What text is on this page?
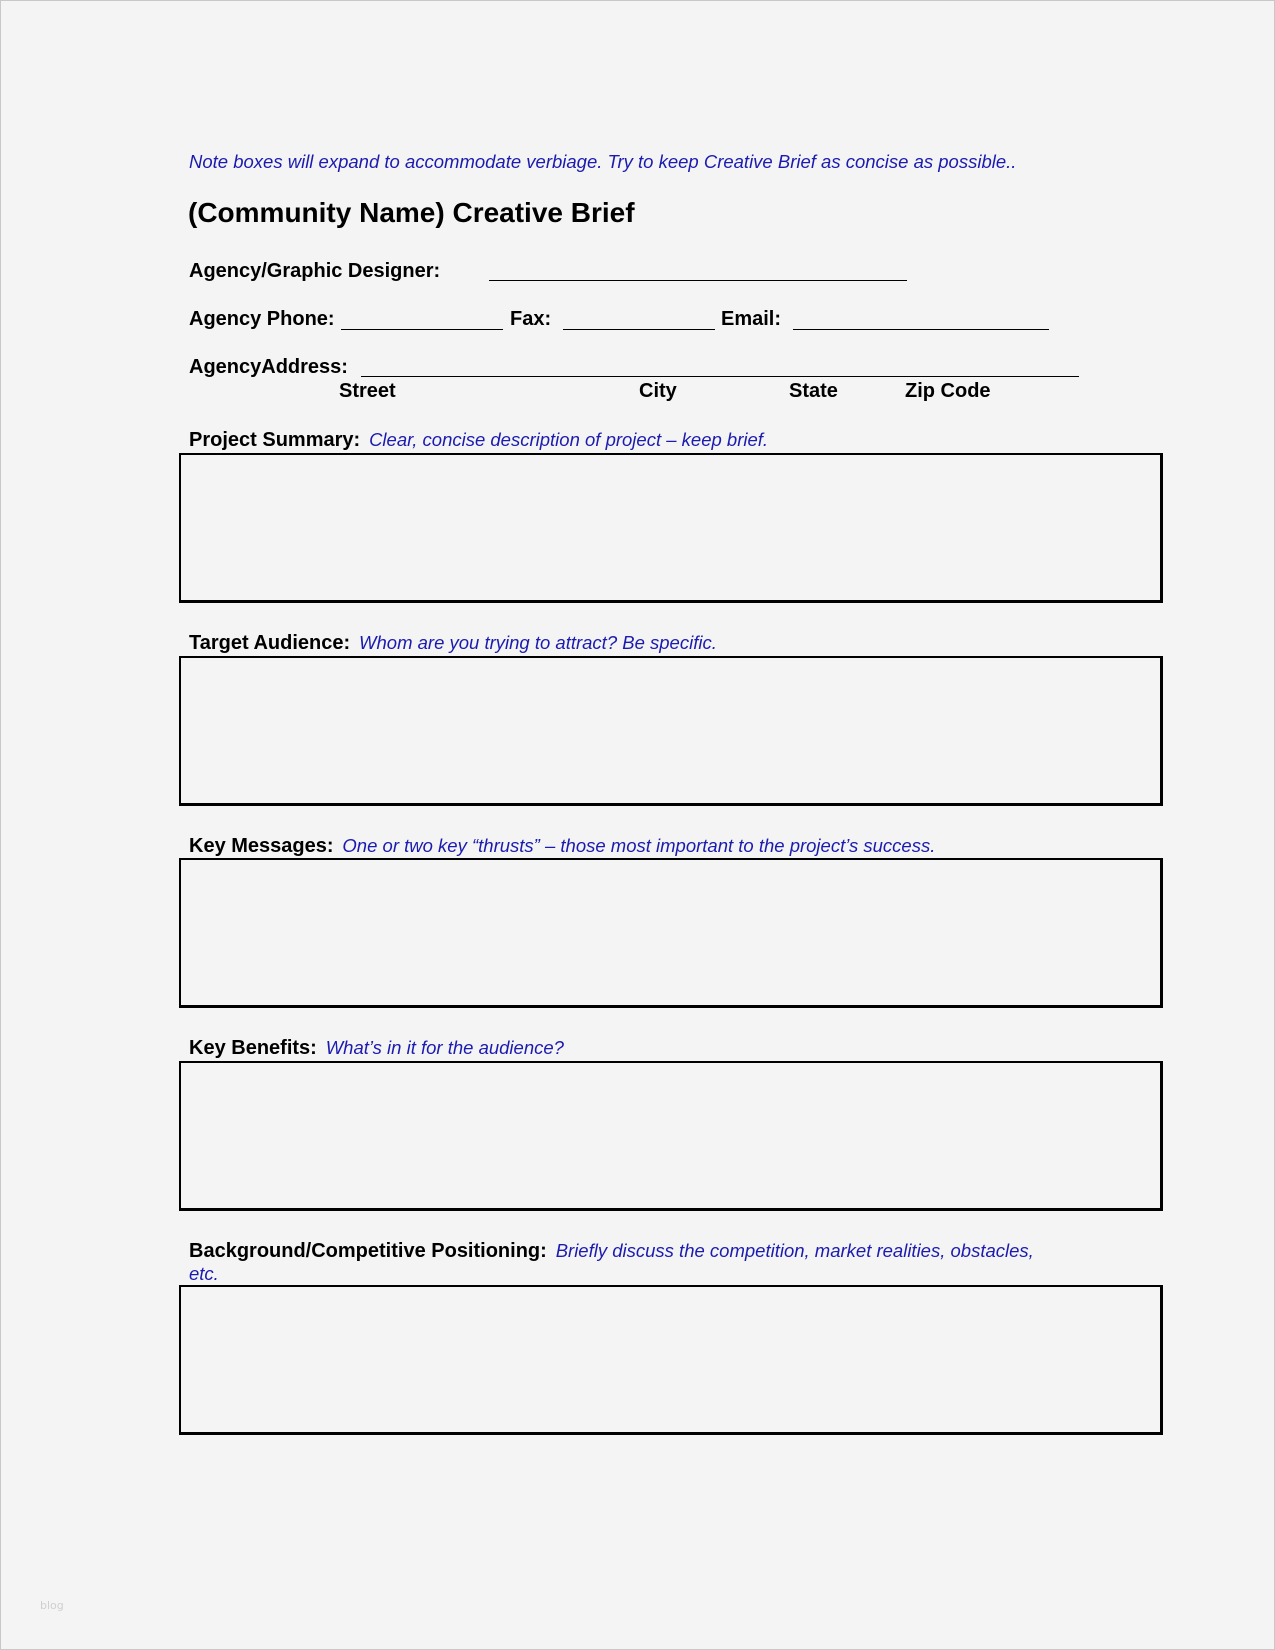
Note boxes will expand to accommodate verbiage. Try to keep Creative Brief as concise as possible..
(Community Name) Creative Brief
Agency/Graphic Designer:
Agency Phone:	Fax:	Email:
AgencyAddress:
Street	City	State	Zip Code
Project Summary: Clear, concise description of project – keep brief.
Target Audience: Whom are you trying to attract? Be specific.
Key Messages: One or two key “thrusts” – those most important to the project’s success.
Key Benefits: What’s in it for the audience?
Background/Competitive Positioning: Briefly discuss the competition, market realities, obstacles,
etc.
blog
